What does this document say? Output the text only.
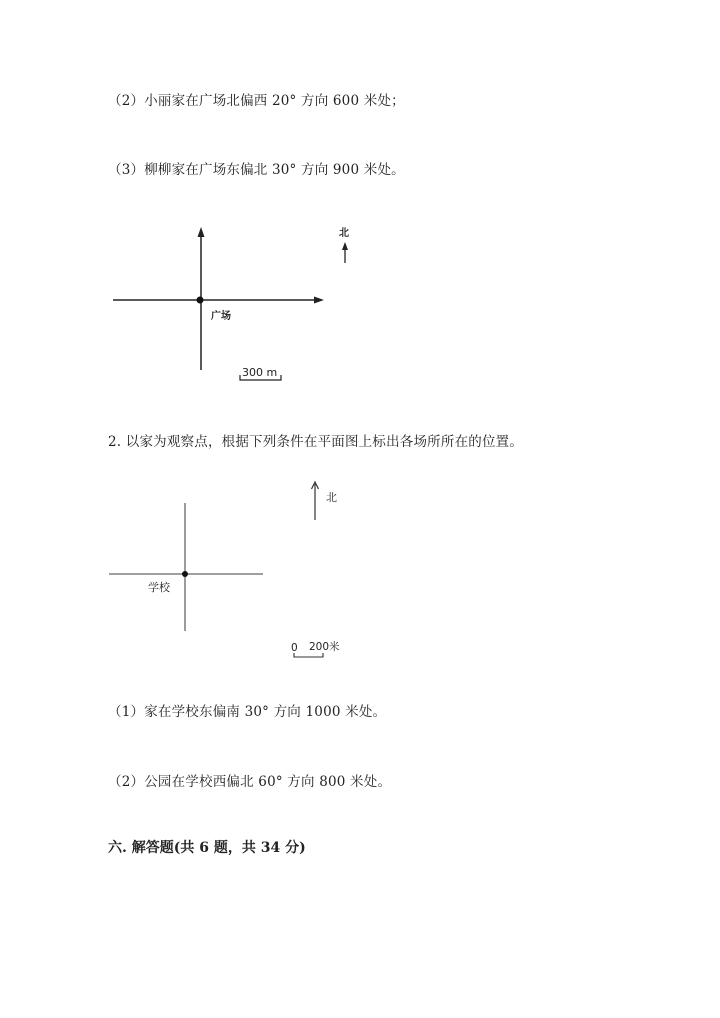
（2）小丽家在广场北偏西 20° 方向 600 米处；
（3）柳柳家在广场东偏北 30° 方向 900 米处。
广场
北
300 m
2. 以家为观察点，根据下列条件在平面图上标出各场所所在的位置。
学校
北
0 200米
（1）家在学校东偏南 30° 方向 1000 米处。
（2）公园在学校西偏北 60° 方向 800 米处。
六. 解答题(共 6 题，共 34 分)
